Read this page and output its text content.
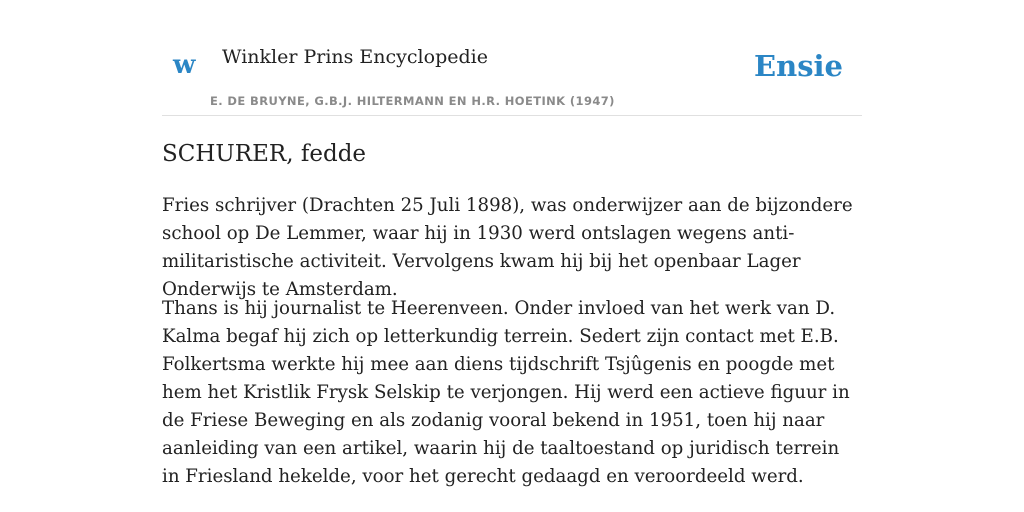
w Winkler Prins Encyclopedie
E. DE BRUYNE, G.B.J. HILTERMANN EN H.R. HOETINK (1947)
Ensie
SCHURER, fedde

Fries schrijver (Drachten 25 Juli 1898), was onderwijzer aan de bijzondere school op De Lemmer, waar hij in 1930 werd ontslagen wegens anti-militaristische activiteit. Vervolgens kwam hij bij het openbaar Lager Onderwijs te Amsterdam.

Thans is hij journalist te Heerenveen. Onder invloed van het werk van D. Kalma begaf hij zich op letterkundig terrein. Sedert zijn contact met E.B. Folkertsma werkte hij mee aan diens tijdschrift Tsjûgenis en poogde met hem het Kristlik Frysk Selskip te verjongen. Hij werd een actieve figuur in de Friese Beweging en als zodanig vooral bekend in 1951, toen hij naar aanleiding van een artikel, waarin hij de taaltoestand op juridisch terrein in Friesland hekelde, voor het gerecht gedaagd en veroordeeld werd.
